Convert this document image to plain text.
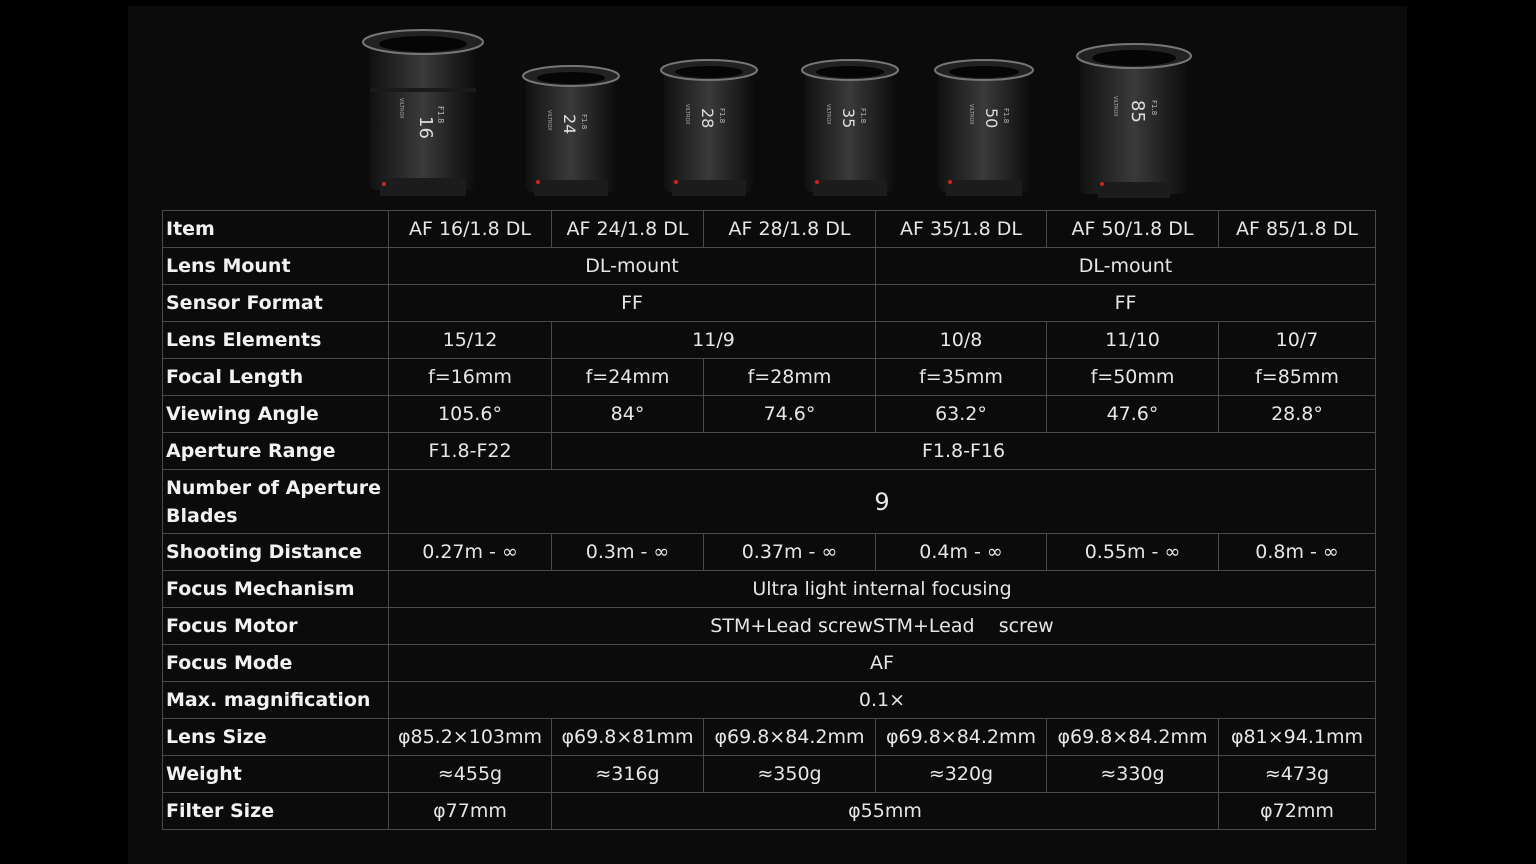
16
F1.8
VILTROX
24 F1.8
VILTROX	28 F1.8
VILTROX	35 F1.8
VILTROX	50 F1.8
VILTROX	85 F1.8
VILTROX
Item	AF 16/1.8 DL	AF 24/1.8 DL	AF 28/1.8 DL	AF 35/1.8 DL	AF 50/1.8 DL	AF 85/1.8 DL
Lens Mount	DL-mount			DL-mount		
Sensor Format	FF			FF		
Lens Elements	15/12	11/9		10/8	11/10	10/7
Focal Length	f=16mm	f=24mm	f=28mm	f=35mm	f=50mm	f=85mm
Viewing Angle	105.6°	84°	74.6°	63.2°	47.6°	28.8°
Aperture Range	F1.8-F22	F1.8-F16				
Number of Aperture Blades	9					
Shooting Distance	0.27m - ∞	0.3m - ∞	0.37m - ∞	0.4m - ∞	0.55m - ∞	0.8m - ∞
Focus Mechanism	Ultra light internal focusing					
Focus Motor	STM+Lead screwSTM+Lead    screw					
Focus Mode	AF					
Max. magnification	0.1×					
Lens Size	φ85.2×103mm	φ69.8×81mm	φ69.8×84.2mm	φ69.8×84.2mm	φ69.8×84.2mm	φ81×94.1mm
Weight	≈455g	≈316g	≈350g	≈320g	≈330g	≈473g
Filter Size	φ77mm	φ55mm				φ72mm
